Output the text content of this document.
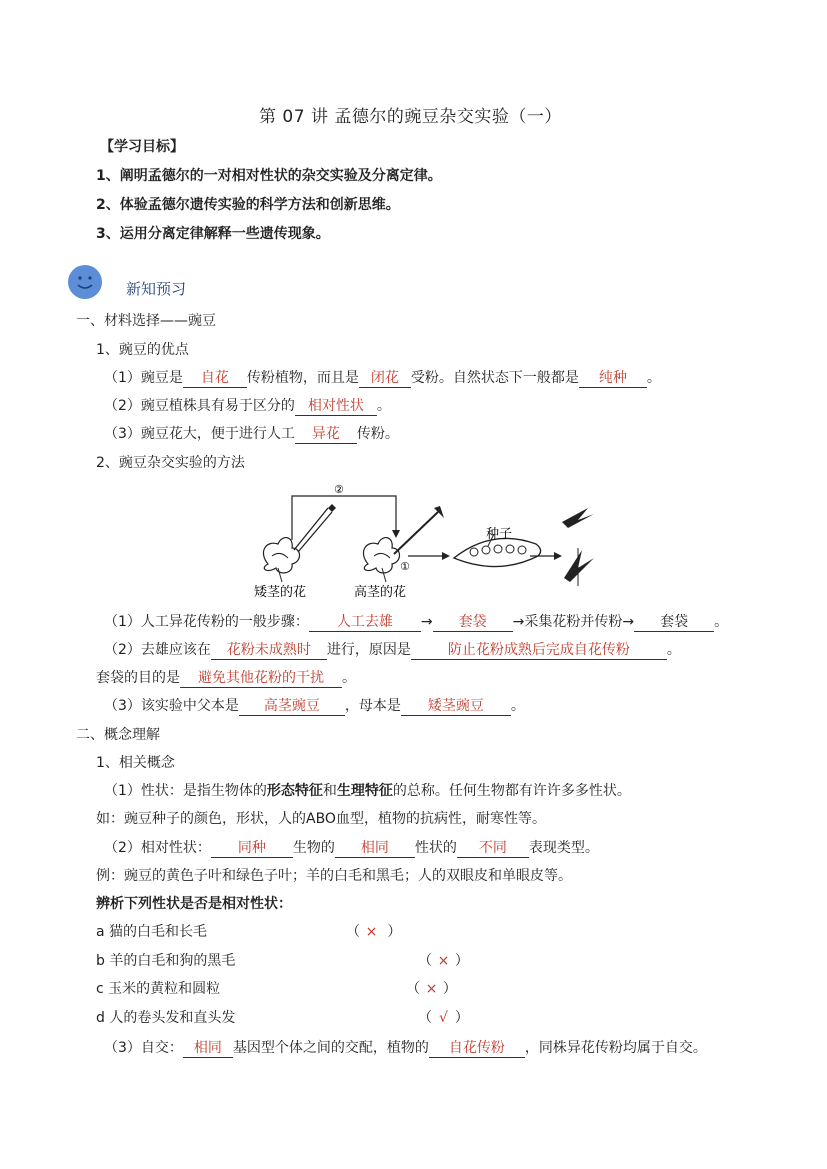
第 07 讲 孟德尔的豌豆杂交实验（一）
【学习目标】
1、阐明孟德尔的一对相对性状的杂交实验及分离定律。
2、体验孟德尔遗传实验的科学方法和创新思维。
3、运用分离定律解释一些遗传现象。
新知预习
一、材料选择——豌豆
1、豌豆的优点
（1）豌豆是 自花 传粉植物，而且是 闭花 受粉。自然状态下一般都是 纯种 。
（2）豌豆植株具有易于区分的 相对性状 。
（3）豌豆花大，便于进行人工 异花 传粉。
2、豌豆杂交实验的方法
②
①
种子
矮茎的花	高茎的花
（1）人工异花传粉的一般步骤： 人工去雄 → 套袋 →采集花粉并传粉→ 套袋 。
（2）去雄应该在 花粉未成熟时 进行，原因是	防止花粉成熟后完成自花传粉	。
套袋的目的是 避免其他花粉的干扰 。
（3）该实验中父本是 高茎豌豆 ，母本是 矮茎豌豆 。
二、概念理解
1、相关概念
（1）性状：是指生物体的形态特征和生理特征的总称。任何生物都有许许多多性状。
如：豌豆种子的颜色，形状，人的ABO血型，植物的抗病性，耐寒性等。
（2）相对性状： 同种 生物的 相同 性状的 不同 表现类型。
例：豌豆的黄色子叶和绿色子叶；羊的白毛和黑毛；人的双眼皮和单眼皮等。
辨析下列性状是否是相对性状：
a 猫的白毛和长毛	（ ×  ）
b 羊的白毛和狗的黑毛	（ × ）
c 玉米的黄粒和圆粒	（ × ）
d 人的卷头发和直头发	（ √ ）
（3）自交： 相同 基因型个体之间的交配，植物的 自花传粉 ，同株异花传粉均属于自交。
